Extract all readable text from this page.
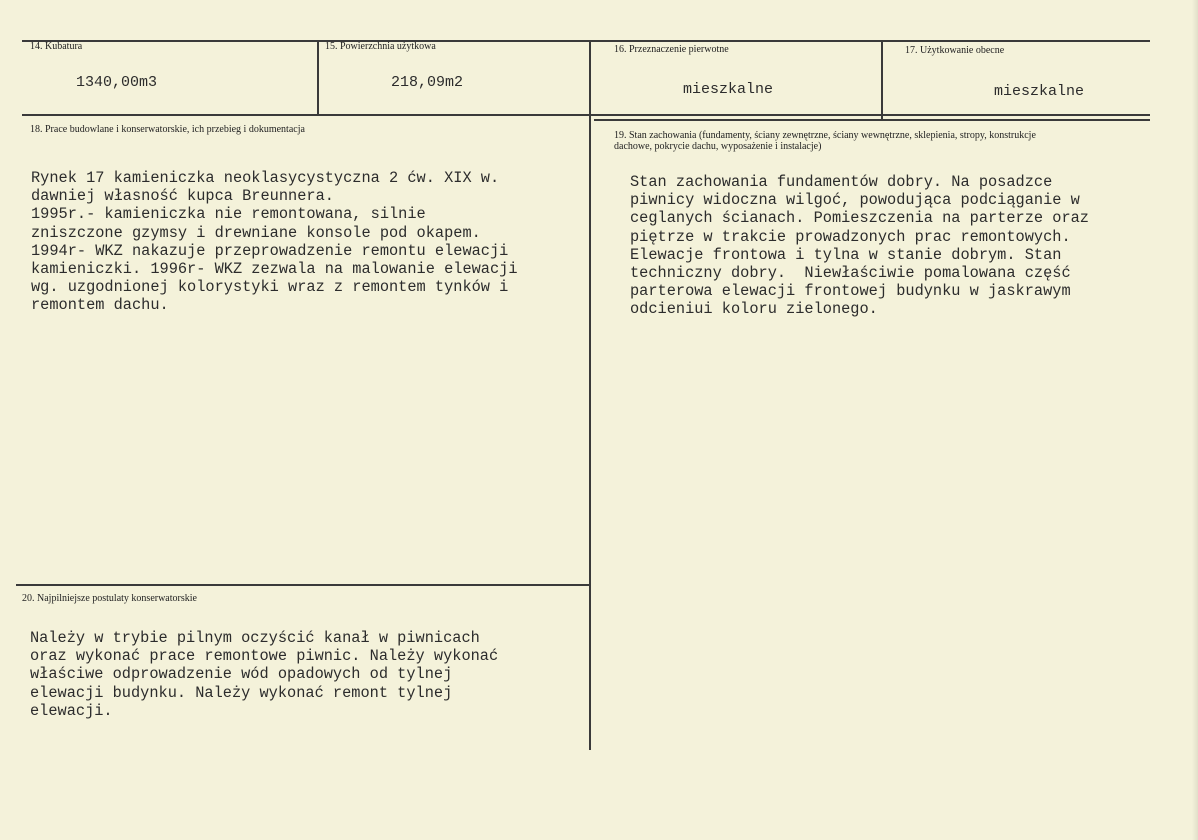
14. Kubatura
1340,00m3
15. Powierzchnia użytkowa
218,09m2
16. Przeznaczenie pierwotne
mieszkalne
17. Użytkowanie obecne
mieszkalne
18. Prace budowlane i konserwatorskie, ich przebieg i dokumentacja
Rynek 17 kamieniczka neoklasycystyczna 2 ćw. XIX w.
dawniej własność kupca Breunnera.
1995r.- kamieniczka nie remontowana, silnie
zniszczone gzymsy i drewniane konsole pod okapem.
1994r- WKZ nakazuje przeprowadzenie remontu elewacji
kamieniczki. 1996r- WKZ zezwala na malowanie elewacji
wg. uzgodnionej kolorystyki wraz z remontem tynków i
remontem dachu.
19. Stan zachowania (fundamenty, ściany zewnętrzne, ściany wewnętrzne, sklepienia, stropy, konstrukcje
dachowe, pokrycie dachu, wyposażenie i instalacje)
Stan zachowania fundamentów dobry. Na posadzce
piwnicy widoczna wilgoć, powodująca podciąganie w
ceglanych ścianach. Pomieszczenia na parterze oraz
piętrze w trakcie prowadzonych prac remontowych.
Elewacje frontowa i tylna w stanie dobrym. Stan
techniczny dobry.  Niewłaściwie pomalowana część
parterowa elewacji frontowej budynku w jaskrawym
odcieniui koloru zielonego.
20. Najpilniejsze postulaty konserwatorskie
Należy w trybie pilnym oczyścić kanał w piwnicach
oraz wykonać prace remontowe piwnic. Należy wykonać
właściwe odprowadzenie wód opadowych od tylnej
elewacji budynku. Należy wykonać remont tylnej
elewacji.
